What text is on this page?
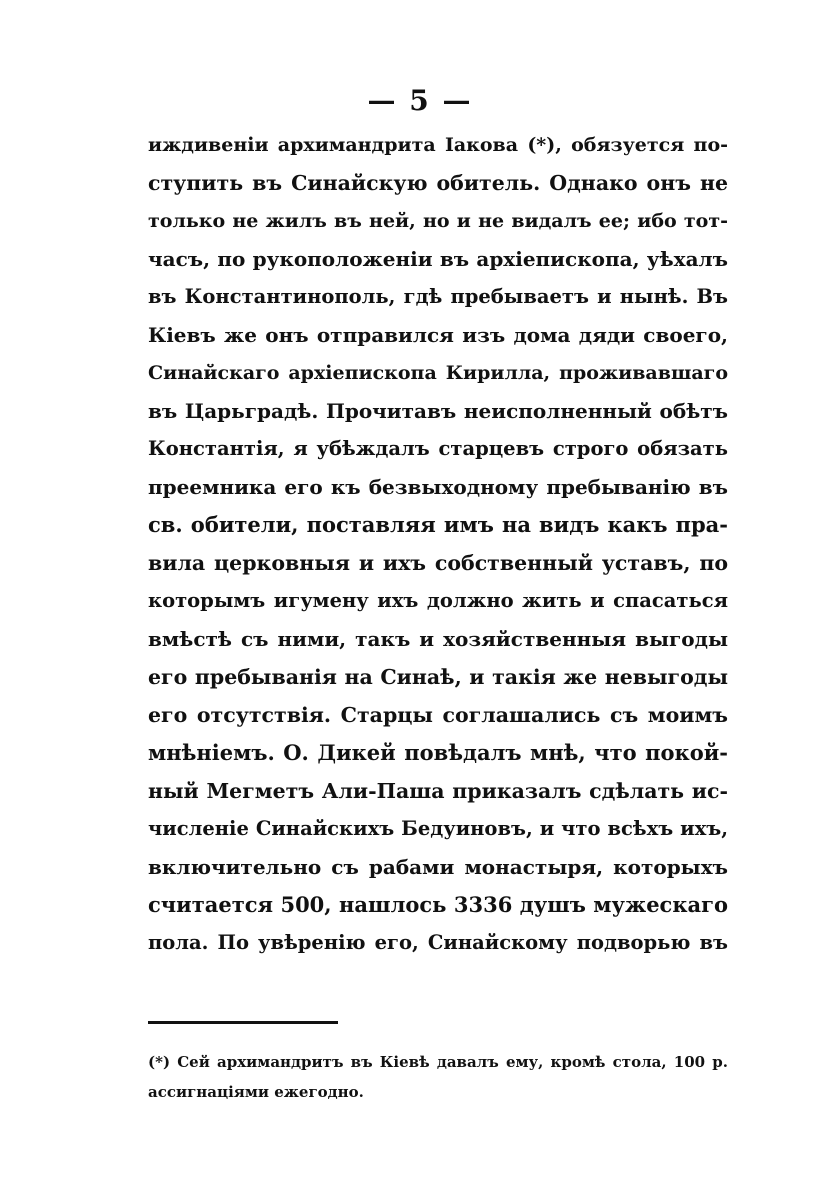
— 5 —
иждивеніи архимандрита Іакова (*), обязуется по-
ступить въ Синайскую обитель. Однако онъ не
только не жилъ въ ней, но и не видалъ ее; ибо тот-
часъ, по рукоположеніи въ архіепископа, уѣхалъ
въ Константинополь, гдѣ пребываетъ и нынѣ. Въ
Кіевъ же онъ отправился изъ дома дяди своего,
Синайскаго архіепископа Кирилла, проживавшаго
въ Царьградѣ. Прочитавъ неисполненный обѣтъ
Константія, я убѣждалъ старцевъ строго обязать
преемника его къ безвыходному пребыванію въ
св. обители, поставляя имъ на видъ какъ пра-
вила церковныя и ихъ собственный уставъ, по
которымъ игумену ихъ должно жить и спасаться
вмѣстѣ съ ними, такъ и хозяйственныя выгоды
его пребыванія на Синаѣ, и такія же невыгоды
его отсутствія. Старцы соглашались съ моимъ
мнѣніемъ. О. Дикей повѣдалъ мнѣ, что покой-
ный Мегметъ Али-Паша приказалъ сдѣлать ис-
численіе Синайскихъ Бедуиновъ, и что всѣхъ ихъ,
включительно съ рабами монастыря, которыхъ
считается 500, нашлось 3336 душъ мужескаго
пола. По увѣренію его, Синайскому подворью въ
(*) Сей архимандритъ въ Кіевѣ давалъ ему, кромѣ стола, 100 р.
ассигнаціями ежегодно.
